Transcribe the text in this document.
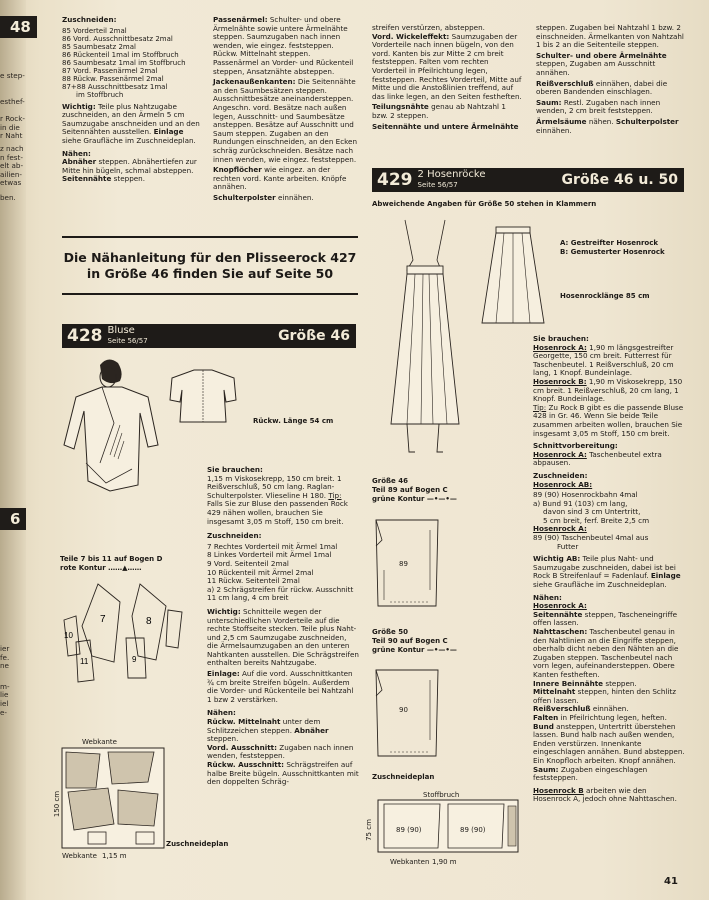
48
e step-
esthef-
r Rock-
in die
r Naht
z nach
n fest-
elt ab-
ailien-
etwas
ben.
6
ier
fe.
ne
m-
lie
iel
e-

Zuschneiden:

85 Vorderteil 2mal
86 Vord. Ausschnittbesatz 2mal
85 Saumbesatz 2mal
86 Rückenteil 1mal im Stoffbruch
86 Saumbesatz 1mal im Stoffbruch
87 Vord. Passenärmel 2mal
88 Rückw. Passenärmel 2mal
87+88 Ausschnittbesatz 1mal
im Stoffbruch

Wichtig: Teile plus Nahtzugabe zuschneiden, an den Ärmeln 5 cm Saumzugabe anschneiden und an den Seitennähten ausstellen. Einlage siehe Graufläche im Zuschneideplan.

Nähen:
Abnäher steppen. Abnähertiefen zur Mitte hin bügeln, schmal absteppen. Seitennähte steppen.

Passenärmel: Schulter- und obere Ärmelnähte sowie untere Ärmelnähte steppen. Saumzugaben nach innen wenden, wie eingez. feststeppen. Rückw. Mittelnaht steppen. Passenärmel an Vorder- und Rückenteil steppen, Ansatznähte absteppen.

Jackenaußenkanten: Die Seitennähte an den Saumbesätzen steppen. Ausschnittbesätze aneinandersteppen. Angeschn. vord. Besätze nach außen legen, Ausschnitt- und Saumbesätze ansteppen. Besätze auf Ausschnitt und Saum steppen. Zugaben an den Rundungen einschneiden, an den Ecken schräg zurückschneiden. Besätze nach innen wenden, wie eingez. feststeppen.

Knopflöcher wie eingez. an der rechten vord. Kante arbeiten. Knöpfe annähen.

Schulterpolster einnähen.

streifen verstürzen, absteppen.
Vord. Wickeleffekt: Saumzugaben der Vorderteile nach innen bügeln, von den vord. Kanten bis zur Mitte 2 cm breit feststeppen. Falten vom rechten Vorderteil in Pfeilrichtung legen, feststeppen. Rechtes Vorderteil, Mitte auf Mitte und die Anstoßlinien treffend, auf das linke legen, an den Seiten festheften.

Teilungsnähte genau ab Nahtzahl 1 bzw. 2 steppen.

Seitennähte und untere Ärmelnähte

steppen. Zugaben bei Nahtzahl 1 bzw. 2 einschneiden. Ärmelkanten von Nahtzahl 1 bis 2 an die Seitenteile steppen.

Schulter- und obere Ärmelnähte steppen, Zugaben am Ausschnitt annähen.

Reißverschluß einnähen, dabei die oberen Bandenden einschlagen.

Saum: Restl. Zugaben nach innen wenden, 2 cm breit feststeppen.

Ärmelsäume nähen. Schulterpolster einnähen.

Die Nähanleitung für den Plisseerock 427
in Größe 46 finden Sie auf Seite 50
428 Bluse
Seite 56/57	Größe 46
Rückw. Länge 54 cm

Sie brauchen:
1,15 m Viskosekrepp, 150 cm breit. 1 Reißverschluß, 50 cm lang. Raglan-Schulterpolster. Vlieseline H 180. Tip: Falls Sie zur Bluse den passenden Rock 429 nähen wollen, brauchen Sie insgesamt 3,05 m Stoff, 150 cm breit.

Zuschneiden:

7 Rechtes Vorderteil mit Ärmel 1mal
8 Linkes Vorderteil mit Ärmel 1mal
9 Vord. Seitenteil 2mal
10 Rückenteil mit Ärmel 2mal
11 Rückw. Seitenteil 2mal
a) 2 Schrägstreifen für rückw. Ausschnitt 11 cm lang, 4 cm breit

Wichtig: Schnitteile wegen der unterschiedlichen Vorderteile auf die rechte Stoffseite stecken. Teile plus Naht- und 2,5 cm Saumzugabe zuschneiden, die Ärmelsaumzugaben an den unteren Nahtkanten ausstellen. Die Schrägstreifen enthalten bereits Nahtzugabe.

Einlage: Auf die vord. Ausschnittkanten ¾ cm breite Streifen bügeln. Außerdem die Vorder- und Rückenteile bei Nahtzahl 1 bzw 2 verstärken.

Nähen:
Rückw. Mittelnaht unter dem Schlitzzeichen steppen. Abnäher steppen.
Vord. Ausschnitt: Zugaben nach innen wenden, feststeppen.
Rückw. Ausschnitt: Schrägstreifen auf halbe Breite bügeln. Ausschnittkanten mit den doppelten Schräg-

Teile 7 bis 11 auf Bogen D
rote Kontur ……▲……
7	8
10
11	9
Webkante
150 cm
Webkante 1,15 m
Zuschneideplan
429 2 Hosenröcke
Seite 56/57	Größe 46 u. 50
Abweichende Angaben für Größe 50 stehen in Klammern
A: Gestreifter Hosenrock
B: Gemusterter Hosenrock
Hosenrocklänge 85 cm

Sie brauchen:
Hosenrock A: 1,90 m längsgestreifter Georgette, 150 cm breit. Futterrest für Taschenbeutel. 1 Reißverschluß, 20 cm lang, 1 Knopf. Bundeinlage.
Hosenrock B: 1,90 m Viskosekrepp, 150 cm breit. 1 Reißverschluß, 20 cm lang, 1 Knopf. Bundeinlage.
Tip: Zu Rock B gibt es die passende Bluse 428 in Gr. 46. Wenn Sie beide Teile zusammen arbeiten wollen, brauchen Sie insgesamt 3,05 m Stoff, 150 cm breit.

Schnittvorbereitung:
Hosenrock A: Taschenbeutel extra abpausen.

Zuschneiden:
Hosenrock AB:

89 (90) Hosenrockbahn 4mal
a) Bund 91 (103) cm lang,
davon sind 3 cm Untertritt,
5 cm breit, ferf. Breite 2,5 cm
Hosenrock A:
89 (90) Taschenbeutel 4mal aus
Futter

Wichtig AB: Teile plus Naht- und Saumzugabe zuschneiden, dabei ist bei Rock B Streifenlauf = Fadenlauf. Einlage siehe Graufläche im Zuschneideplan.

Nähen:
Hosenrock A:
Seitennähte steppen, Tascheneingriffe offen lassen.
Nahttaschen: Taschenbeutel genau in den Nahtlinien an die Eingriffe steppen, oberhalb dicht neben den Nähten an die Zugaben steppen. Taschenbeutel nach vorn legen, aufeinandersteppen. Obere Kanten festheften.
Innere Beinnähte steppen.
Mittelnaht steppen, hinten den Schlitz offen lassen.
Reißverschluß einnähen.
Falten in Pfeilrichtung legen, heften.
Bund ansteppen, Untertritt überstehen lassen. Bund halb nach außen wenden, Enden verstürzen. Innenkante eingeschlagen annähen. Bund absteppen. Ein Knopfloch arbeiten. Knopf annähen.
Saum: Zugaben eingeschlagen feststeppen.

Hosenrock B arbeiten wie den Hosenrock A, jedoch ohne Nahttaschen.

Größe 46
Teil 89 auf Bogen C
grüne Kontur —•—•—
89
Größe 50
Teil 90 auf Bogen C
grüne Kontur —•—•—
90
Zuschneideplan
Stoffbruch
89 (90)	89 (90)
75 cm
Webkanten 1,90 m
41
